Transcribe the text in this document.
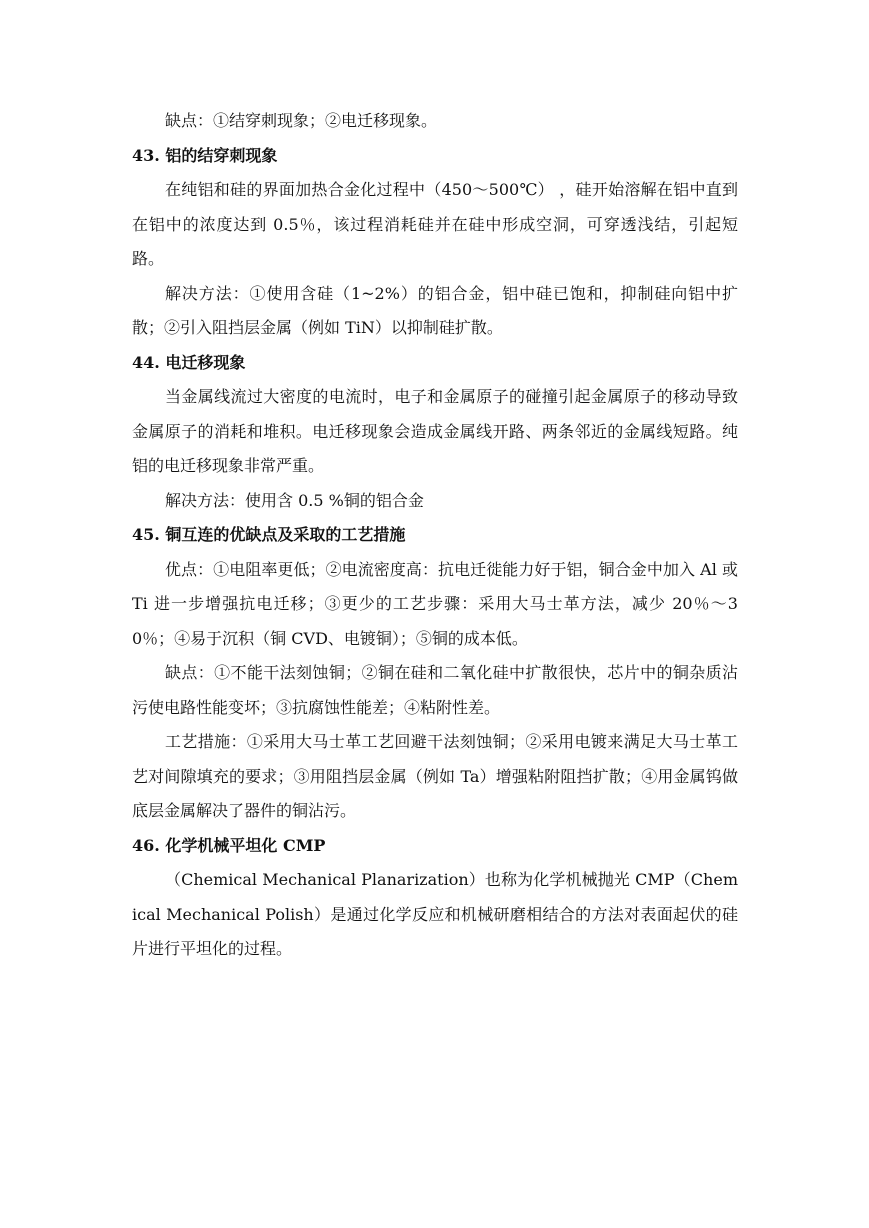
缺点：①结穿刺现象；②电迁移现象。

43. 铝的结穿刺现象

在纯铝和硅的界面加热合金化过程中（450～500℃） ，硅开始溶解在铝中直到在铝中的浓度达到 0.5％，该过程消耗硅并在硅中形成空洞，可穿透浅结，引起短路。

解决方法：①使用含硅（1~2%）的铝合金，铝中硅已饱和，抑制硅向铝中扩散；②引入阻挡层金属（例如 TiN）以抑制硅扩散。

44. 电迁移现象

当金属线流过大密度的电流时，电子和金属原子的碰撞引起金属原子的移动导致金属原子的消耗和堆积。电迁移现象会造成金属线开路、两条邻近的金属线短路。纯铝的电迁移现象非常严重。

解决方法：使用含 0.5 %铜的铝合金

45. 铜互连的优缺点及采取的工艺措施

优点：①电阻率更低；②电流密度高：抗电迁徙能力好于铝，铜合金中加入 Al 或 Ti 进一步增强抗电迁移；③更少的工艺步骤：采用大马士革方法，减少 20％～30％；④易于沉积（铜 CVD、电镀铜）；⑤铜的成本低。

缺点：①不能干法刻蚀铜；②铜在硅和二氧化硅中扩散很快，芯片中的铜杂质沾污使电路性能变坏；③抗腐蚀性能差；④粘附性差。

工艺措施：①采用大马士革工艺回避干法刻蚀铜；②采用电镀来满足大马士革工艺对间隙填充的要求；③用阻挡层金属（例如 Ta）增强粘附阻挡扩散；④用金属钨做底层金属解决了器件的铜沾污。

46. 化学机械平坦化 CMP

（Chemical Mechanical Planarization）也称为化学机械抛光 CMP（Chemical Mechanical Polish）是通过化学反应和机械研磨相结合的方法对表面起伏的硅片进行平坦化的过程。
